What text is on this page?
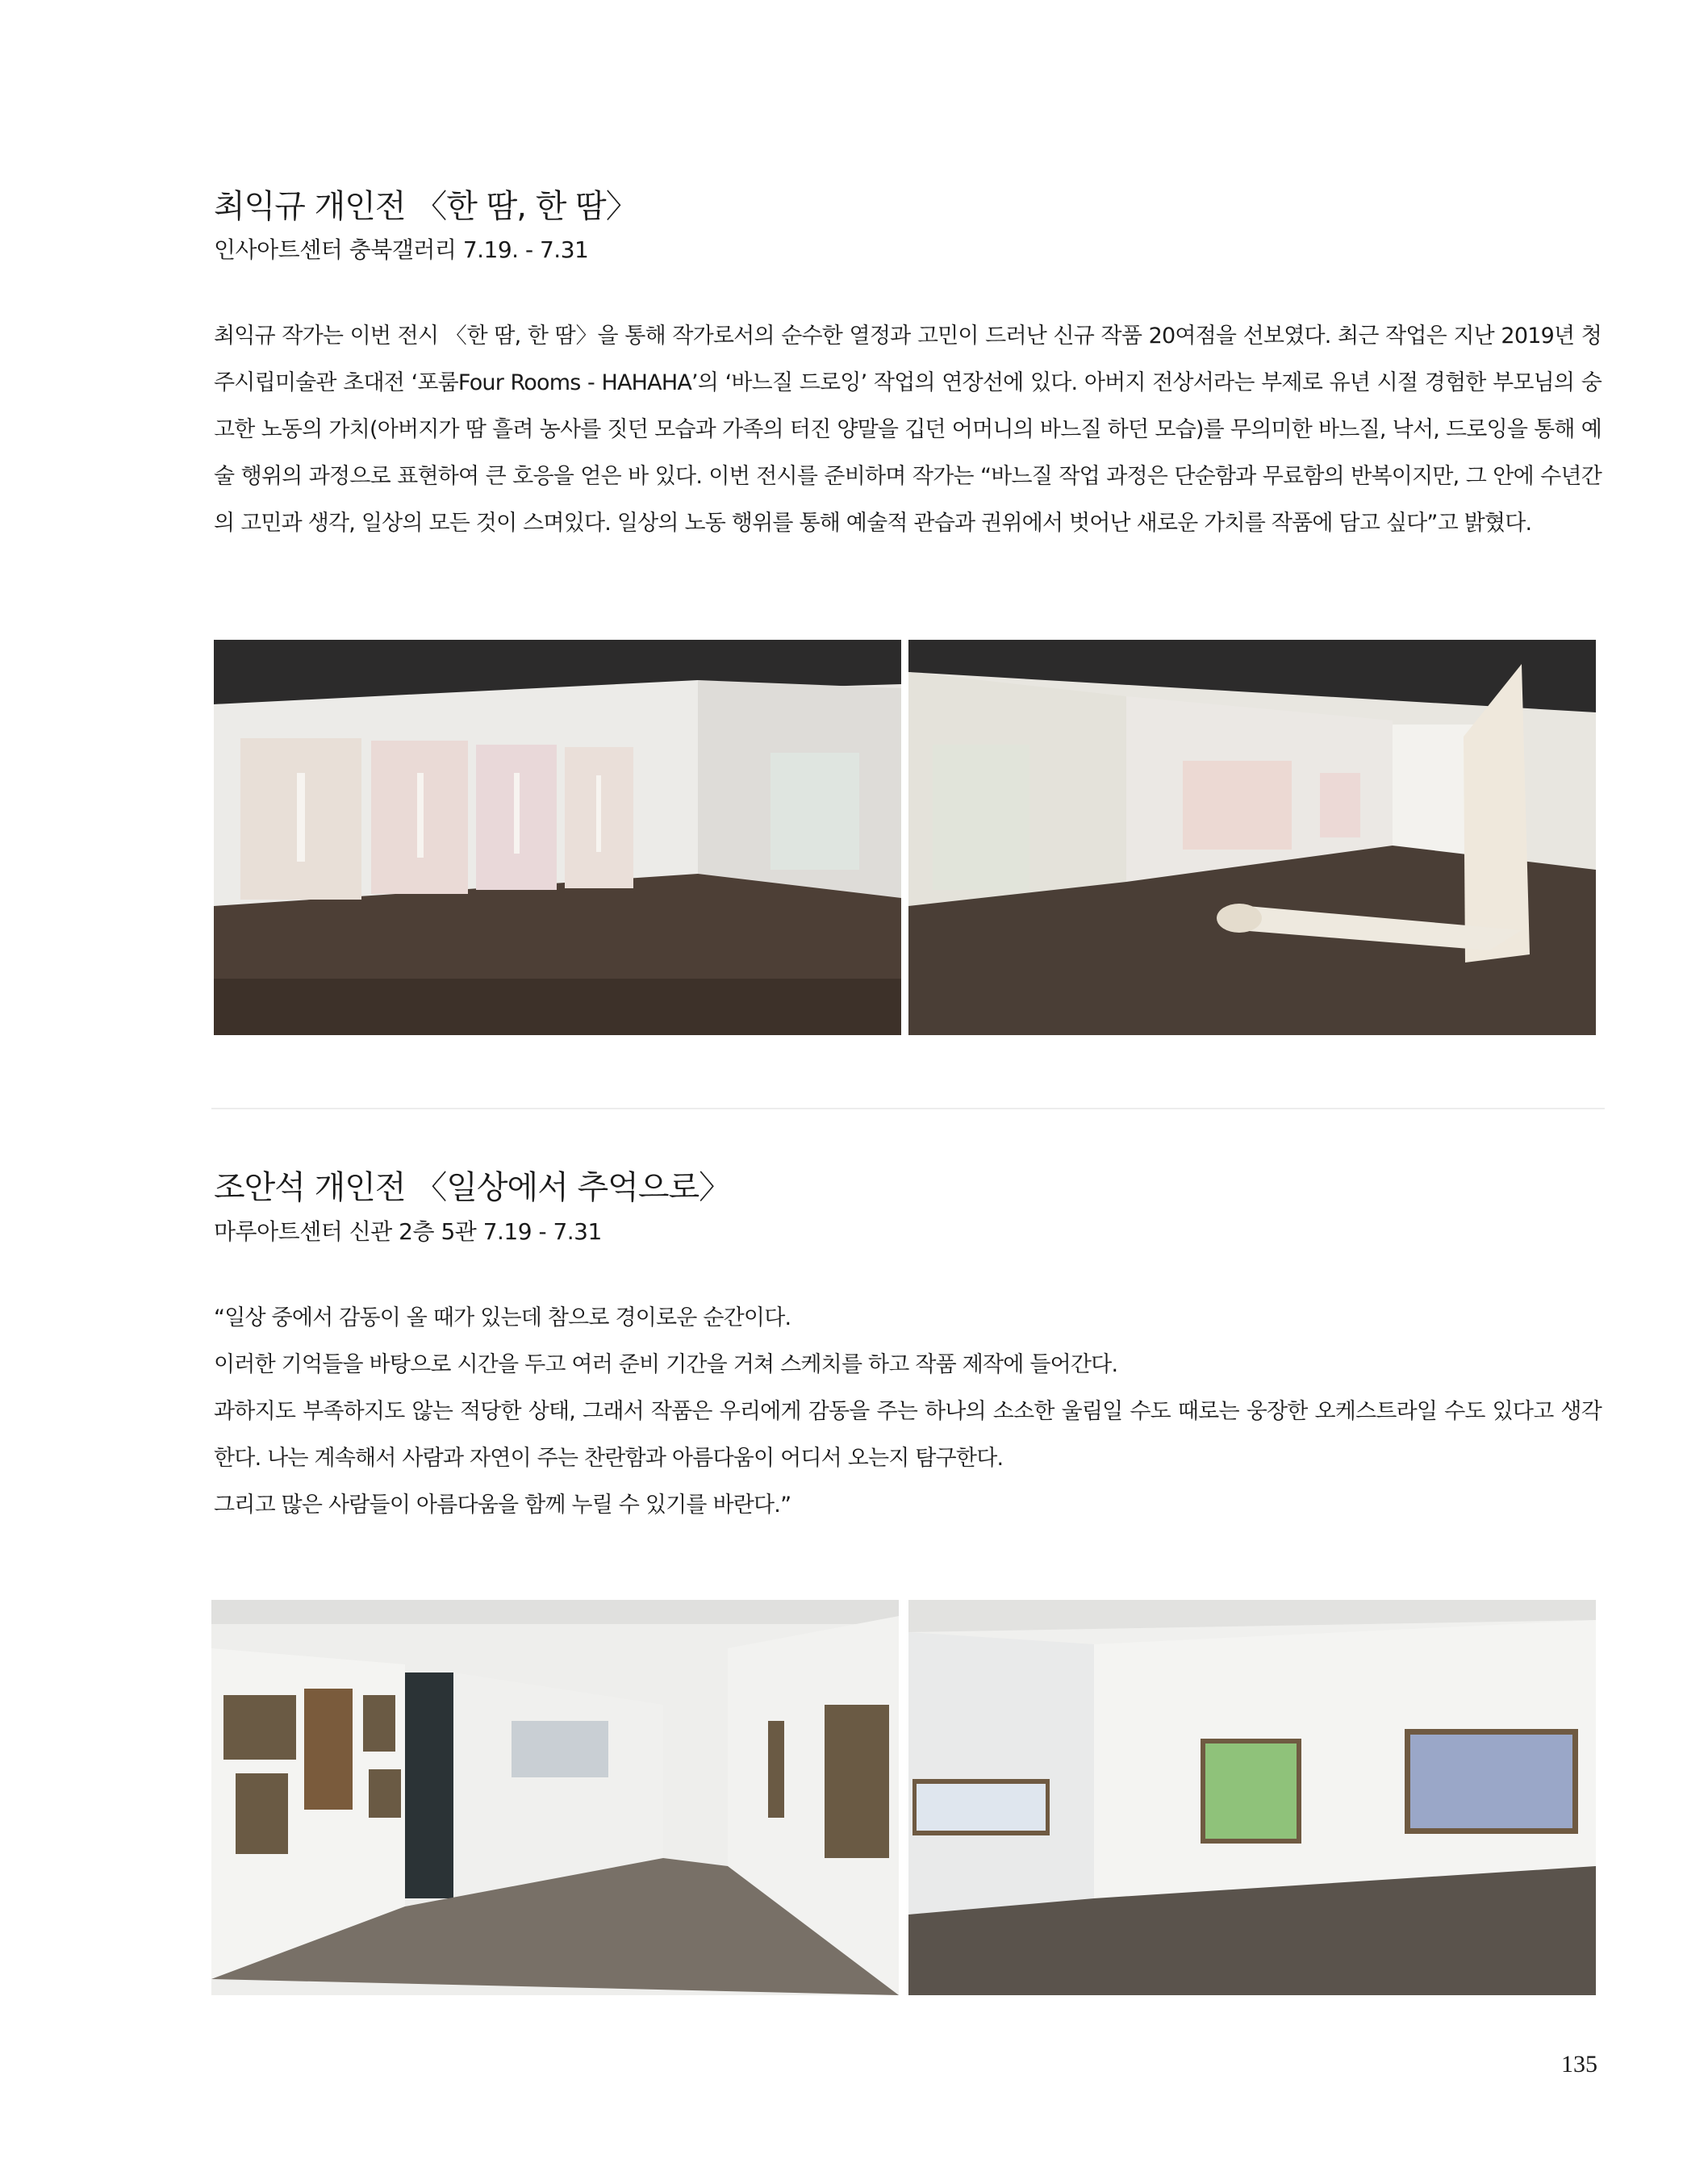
최익규 개인전 〈한 땀, 한 땀〉
인사아트센터 충북갤러리 7.19. - 7.31

최익규 작가는 이번 전시 〈한 땀, 한 땀〉을 통해 작가로서의 순수한 열정과 고민이 드러난 신규 작품 20여점을 선보였다. 최근 작업은 지난 2019년 청주시립미술관 초대전 ‘포룸Four Rooms - HAHAHA’의 ‘바느질 드로잉’ 작업의 연장선에 있다. 아버지 전상서라는 부제로 유년 시절 경험한 부모님의 숭고한 노동의 가치(아버지가 땀 흘려 농사를 짓던 모습과 가족의 터진 양말을 깁던 어머니의 바느질 하던 모습)를 무의미한 바느질, 낙서, 드로잉을 통해 예술 행위의 과정으로 표현하여 큰 호응을 얻은 바 있다. 이번 전시를 준비하며 작가는 “바느질 작업 과정은 단순함과 무료함의 반복이지만, 그 안에 수년간의 고민과 생각, 일상의 모든 것이 스며있다. 일상의 노동 행위를 통해 예술적 관습과 권위에서 벗어난 새로운 가치를 작품에 담고 싶다”고 밝혔다.

조안석 개인전 〈일상에서 추억으로〉
마루아트센터 신관 2층 5관 7.19 - 7.31

“일상 중에서 감동이 올 때가 있는데 참으로 경이로운 순간이다.

이러한 기억들을 바탕으로 시간을 두고 여러 준비 기간을 거쳐 스케치를 하고 작품 제작에 들어간다.

과하지도 부족하지도 않는 적당한 상태, 그래서 작품은 우리에게 감동을 주는 하나의 소소한 울림일 수도 때로는 웅장한 오케스트라일 수도 있다고 생각한다. 나는 계속해서 사람과 자연이 주는 찬란함과 아름다움이 어디서 오는지 탐구한다.

그리고 많은 사람들이 아름다움을 함께 누릴 수 있기를 바란다.”

135
